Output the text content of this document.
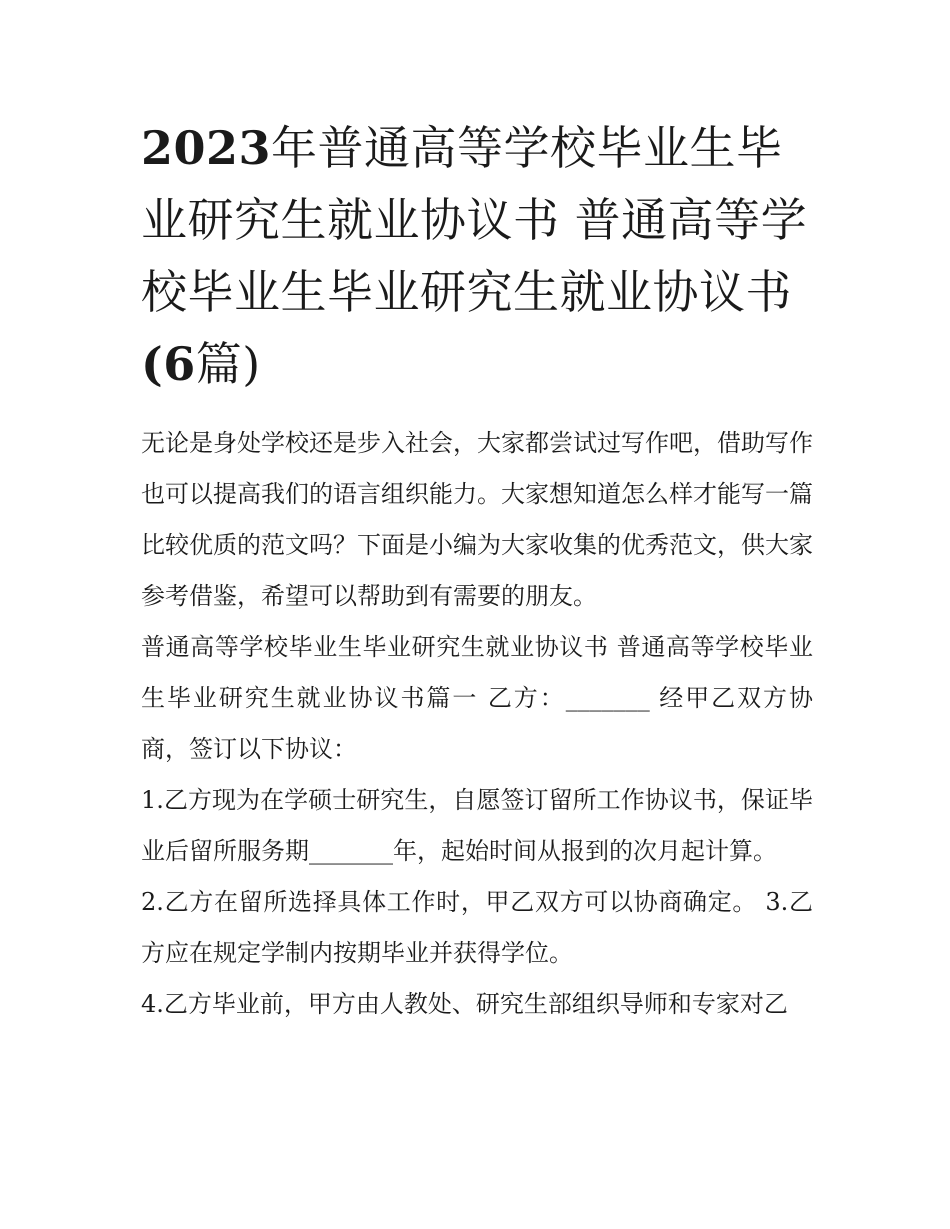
2023年普通高等学校毕业生毕业研究生就业协议书 普通高等学校毕业生毕业研究生就业协议书(6篇)

无论是身处学校还是步入社会，大家都尝试过写作吧，借助写作也可以提高我们的语言组织能力。大家想知道怎么样才能写一篇比较优质的范文吗？下面是小编为大家收集的优秀范文，供大家参考借鉴，希望可以帮助到有需要的朋友。

普通高等学校毕业生毕业研究生就业协议书 普通高等学校毕业生毕业研究生就业协议书篇一 乙方：_______ 经甲乙双方协商，签订以下协议：

1.乙方现为在学硕士研究生，自愿签订留所工作协议书，保证毕业后留所服务期_______年，起始时间从报到的次月起计算。

2.乙方在留所选择具体工作时，甲乙双方可以协商确定。 3.乙方应在规定学制内按期毕业并获得学位。

4.乙方毕业前，甲方由人教处、研究生部组织导师和专家对乙
